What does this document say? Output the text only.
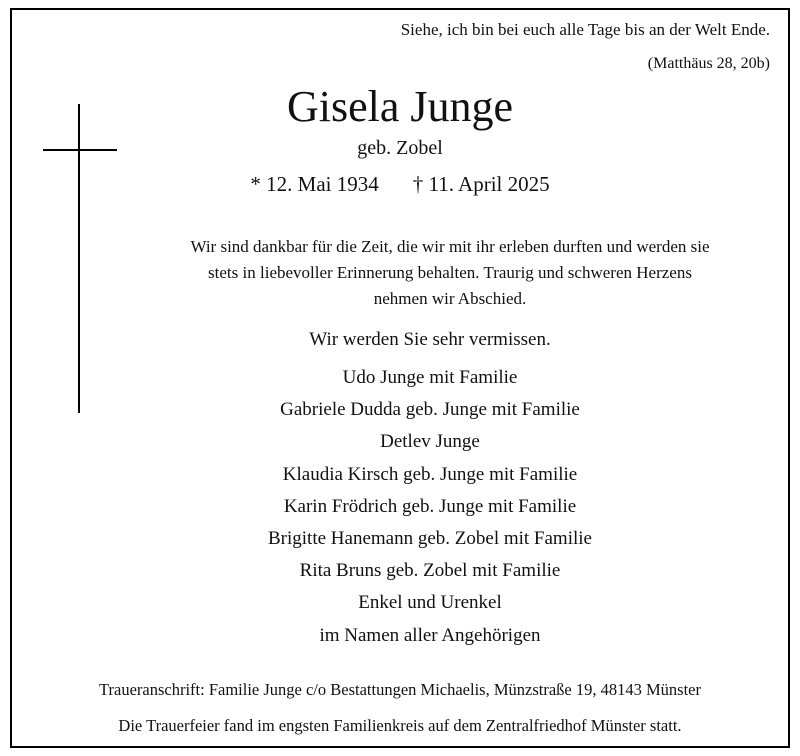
Siehe, ich bin bei euch alle Tage bis an der Welt Ende.
(Matthäus 28, 20b)
Gisela Junge
geb. Zobel
* 12. Mai 1934 † 11. April 2025
Wir sind dankbar für die Zeit, die wir mit ihr erleben durften und werden sie
stets in liebevoller Erinnerung behalten. Traurig und schweren Herzens
nehmen wir Abschied.
Wir werden Sie sehr vermissen.
Udo Junge mit Familie
Gabriele Dudda geb. Junge mit Familie
Detlev Junge
Klaudia Kirsch geb. Junge mit Familie
Karin Frödrich geb. Junge mit Familie
Brigitte Hanemann geb. Zobel mit Familie
Rita Bruns geb. Zobel mit Familie
Enkel und Urenkel
im Namen aller Angehörigen
Traueranschrift: Familie Junge c/o Bestattungen Michaelis, Münzstraße 19, 48143 Münster
Die Trauerfeier fand im engsten Familienkreis auf dem Zentralfriedhof Münster statt.
